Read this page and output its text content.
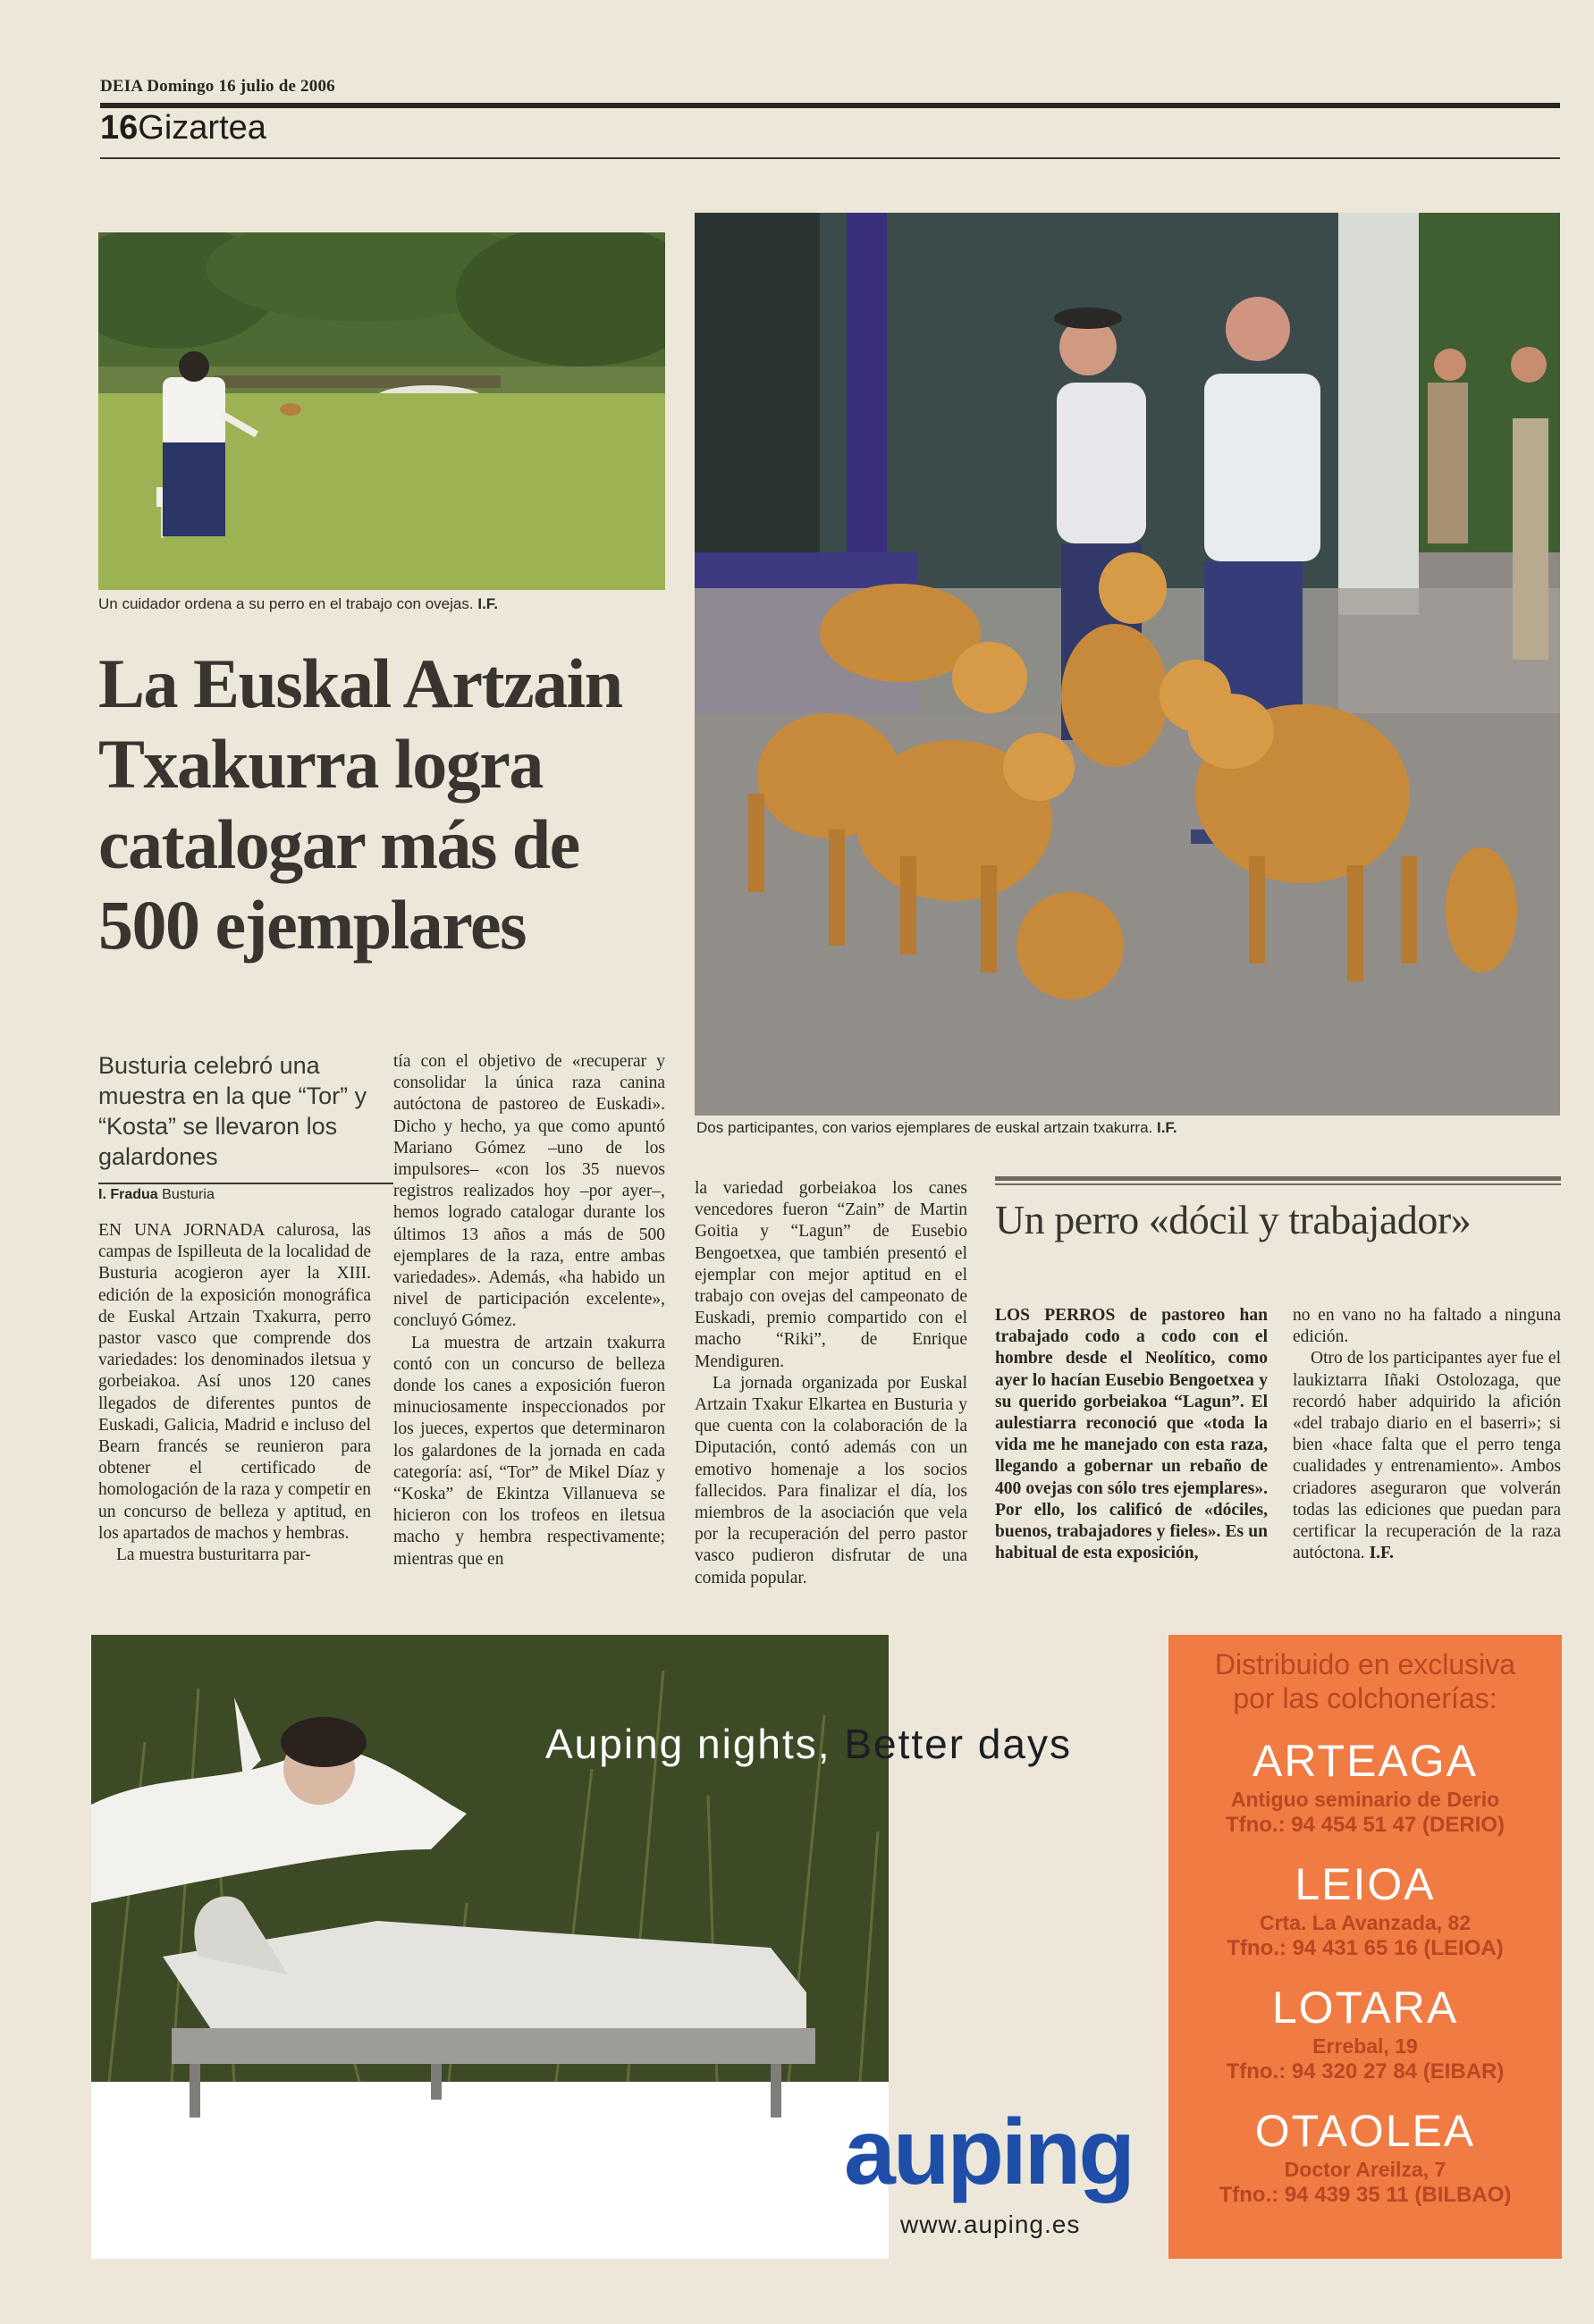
DEIA Domingo 16 julio de 2006
16Gizartea
Un cuidador ordena a su perro en el trabajo con ovejas. I.F.
Dos participantes, con varios ejemplares de euskal artzain txakurra. I.F.
La Euskal Artzain Txakurra logra catalogar más de 500 ejemplares
Busturia celebró una muestra en la que “Tor” y “Kosta” se llevaron los galardones
I. Fradua Busturia

EN UNA JORNADA calurosa, las campas de Ispilleuta de la localidad de Busturia acogieron ayer la XIII. edición de la exposición monográfica de Euskal Artzain Txakurra, perro pastor vasco que comprende dos variedades: los denominados iletsua y gorbeiakoa. Así unos 120 canes llegados de diferentes puntos de Euskadi, Galicia, Madrid e incluso del Bearn francés se reunieron para obtener el certificado de homologación de la raza y competir en un concurso de belleza y aptitud, en los apartados de machos y hembras.

La muestra busturitarra par-

tía con el objetivo de «recuperar y consolidar la única raza canina autóctona de pastoreo de Euskadi». Dicho y hecho, ya que como apuntó Mariano Gómez –uno de los impulsores– «con los 35 nuevos registros realizados hoy –por ayer–, hemos logrado catalogar durante los últimos 13 años a más de 500 ejemplares de la raza, entre ambas variedades». Además, «ha habido un nivel de participación excelente», concluyó Gómez.

La muestra de artzain txakurra contó con un concurso de belleza donde los canes a exposición fueron minuciosamente inspeccionados por los jueces, expertos que determinaron los galardones de la jornada en cada categoría: así, “Tor” de Mikel Díaz y “Koska” de Ekintza Villanueva se hicieron con los trofeos en iletsua macho y hembra respectivamente; mientras que en

la variedad gorbeiakoa los canes vencedores fueron “Zain” de Martin Goitia y “Lagun” de Eusebio Bengoetxea, que también presentó el ejemplar con mejor aptitud en el trabajo con ovejas del campeonato de Euskadi, premio compartido con el macho “Riki”, de Enrique Mendiguren.

La jornada organizada por Euskal Artzain Txakur Elkartea en Busturia y que cuenta con la colaboración de la Diputación, contó además con un emotivo homenaje a los socios fallecidos. Para finalizar el día, los miembros de la asociación que vela por la recuperación del perro pastor vasco pudieron disfrutar de una comida popular.

Un perro «dócil y trabajador»

LOS PERROS de pastoreo han trabajado codo a codo con el hombre desde el Neolítico, como ayer lo hacían Eusebio Bengoetxea y su querido gorbeiakoa “Lagun”. El aulestiarra reconoció que «toda la vida me he manejado con esta raza, llegando a gobernar un rebaño de 400 ovejas con sólo tres ejemplares». Por ello, los calificó de «dóciles, buenos, trabajadores y fieles». Es un habitual de esta exposición,

no en vano no ha faltado a ninguna edición.

Otro de los participantes ayer fue el laukiztarra Iñaki Ostolozaga, que recordó haber adquirido la afición «del trabajo diario en el baserri»; si bien «hace falta que el perro tenga cualidades y entrenamiento». Ambos criadores aseguraron que volverán todas las ediciones que puedan para certificar la recuperación de la raza autóctona. I.F.

Auping nights, Better days
auping
www.auping.es
Distribuido en exclusiva
por las colchonerías:
ARTEAGA
Antiguo seminario de Derio
Tfno.: 94 454 51 47 (DERIO)
LEIOA
Crta. La Avanzada, 82
Tfno.: 94 431 65 16 (LEIOA)
LOTARA
Errebal, 19
Tfno.: 94 320 27 84 (EIBAR)
OTAOLEA
Doctor Areilza, 7
Tfno.: 94 439 35 11 (BILBAO)
